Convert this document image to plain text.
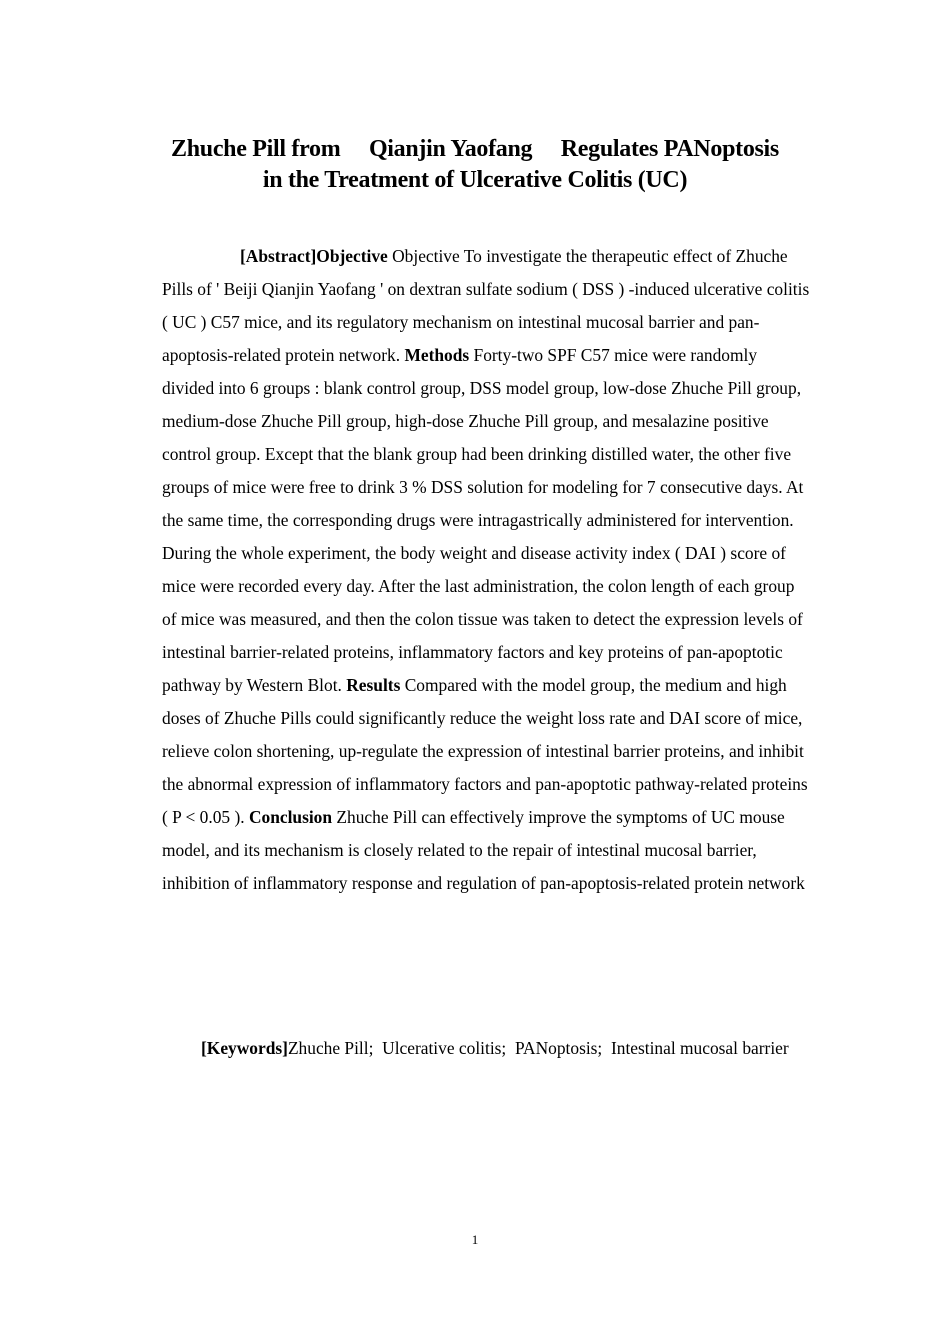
Zhuche Pill from     Qianjin Yaofang     Regulates PANoptosis
in the Treatment of Ulcerative Colitis (UC)
[Abstract]Objective Objective To investigate the therapeutic effect of Zhuche Pills of ' Beiji Qianjin Yaofang ' on dextran sulfate sodium ( DSS ) -induced ulcerative colitis ( UC ) C57 mice, and its regulatory mechanism on intestinal mucosal barrier and pan-apoptosis-related protein network. Methods Forty-two SPF C57 mice were randomly divided into 6 groups : blank control group, DSS model group, low-dose Zhuche Pill group, medium-dose Zhuche Pill group, high-dose Zhuche Pill group, and mesalazine positive control group. Except that the blank group had been drinking distilled water, the other five groups of mice were free to drink 3 % DSS solution for modeling for 7 consecutive days. At the same time, the corresponding drugs were intragastrically administered for intervention. During the whole experiment, the body weight and disease activity index ( DAI ) score of mice were recorded every day. After the last administration, the colon length of each group of mice was measured, and then the colon tissue was taken to detect the expression levels of intestinal barrier-related proteins, inflammatory factors and key proteins of pan-apoptotic pathway by Western Blot. Results Compared with the model group, the medium and high doses of Zhuche Pills could significantly reduce the weight loss rate and DAI score of mice, relieve colon shortening, up-regulate the expression of intestinal barrier proteins, and inhibit the abnormal expression of inflammatory factors and pan-apoptotic pathway-related proteins ( P < 0.05 ). Conclusion Zhuche Pill can effectively improve the symptoms of UC mouse model, and its mechanism is closely related to the repair of intestinal mucosal barrier, inhibition of inflammatory response and regulation of pan-apoptosis-related protein network
[Keywords]Zhuche Pill; Ulcerative colitis; PANoptosis; Intestinal mucosal barrier
1
